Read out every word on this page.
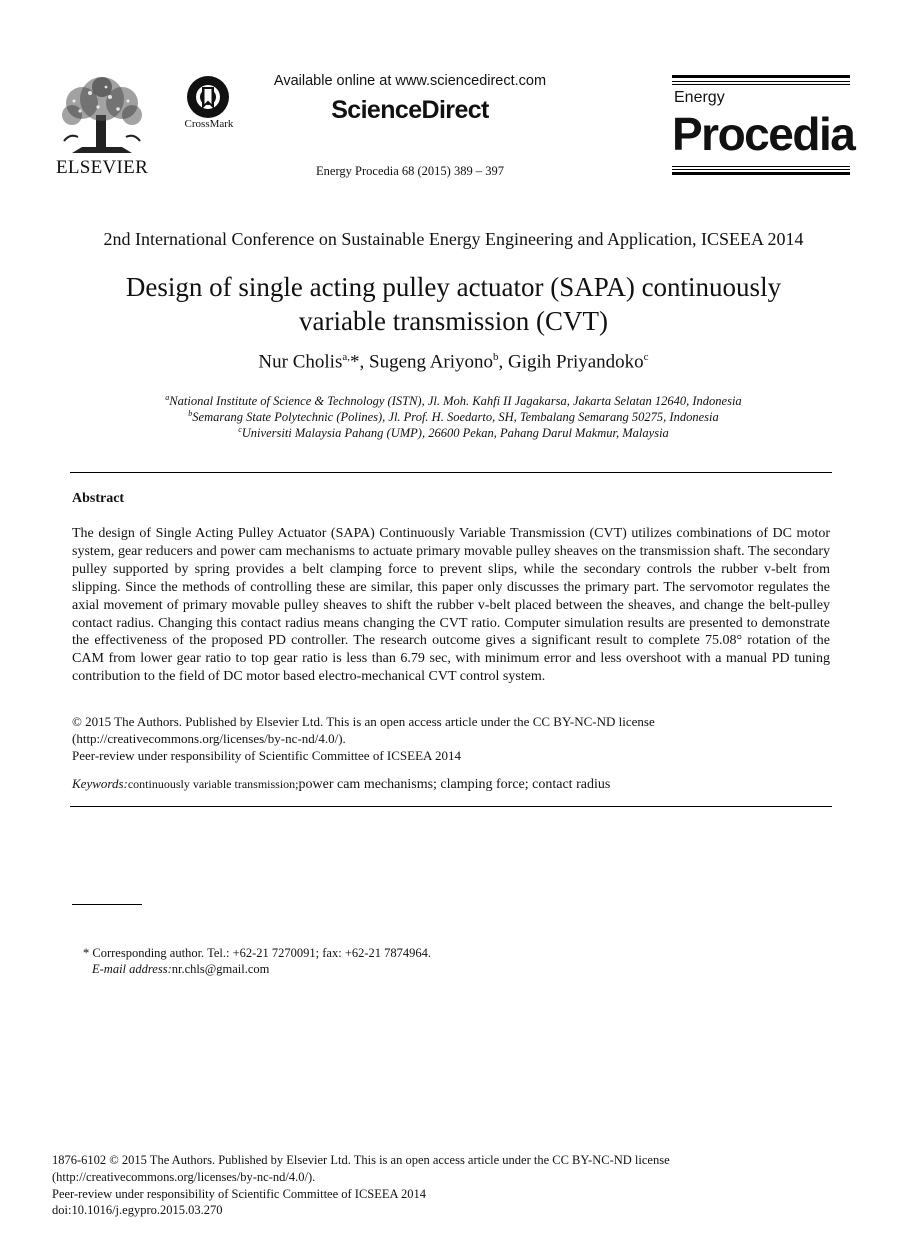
ELSEVIER
CrossMark
Available online at www.sciencedirect.com
ScienceDirect
Energy Procedia 68 (2015) 389 – 397
Energy
Procedia
2nd International Conference on Sustainable Energy Engineering and Application, ICSEEA 2014
Design of single acting pulley actuator (SAPA) continuously variable transmission (CVT)
Nur Cholis$^{a,}$*, Sugeng Ariyono$^b$, Gigih Priyandoko$^c$
$^a$National Institute of Science & Technology (ISTN), Jl. Moh. Kahfi II Jagakarsa, Jakarta Selatan 12640, Indonesia
$^b$Semarang State Polytechnic (Polines), Jl. Prof. H. Soedarto, SH, Tembalang Semarang 50275, Indonesia
$^c$Universiti Malaysia Pahang (UMP), 26600 Pekan, Pahang Darul Makmur, Malaysia
Abstract
The design of Single Acting Pulley Actuator (SAPA) Continuously Variable Transmission (CVT) utilizes combinations of DC motor system, gear reducers and power cam mechanisms to actuate primary movable pulley sheaves on the transmission shaft. The secondary pulley supported by spring provides a belt clamping force to prevent slips, while the secondary controls the rubber v-belt from slipping. Since the methods of controlling these are similar, this paper only discusses the primary part. The servomotor regulates the axial movement of primary movable pulley sheaves to shift the rubber v-belt placed between the sheaves, and change the belt-pulley contact radius. Changing this contact radius means changing the CVT ratio. Computer simulation results are presented to demonstrate the effectiveness of the proposed PD controller. The research outcome gives a significant result to complete 75.08° rotation of the CAM from lower gear ratio to top gear ratio is less than 6.79 sec, with minimum error and less overshoot with a manual PD tuning contribution to the field of DC motor based electro-mechanical CVT control system.
© 2015 The Authors. Published by Elsevier Ltd. This is an open access article under the CC BY-NC-ND license
(http://creativecommons.org/licenses/by-nc-nd/4.0/).
Peer-review under responsibility of Scientific Committee of ICSEEA 2014
Keywords:continuously variable transmission;power cam mechanisms; clamping force; contact radius
* Corresponding author. Tel.: +62-21 7270091; fax: +62-21 7874964.
E-mail address:nr.chls@gmail.com
1876-6102 © 2015 The Authors. Published by Elsevier Ltd. This is an open access article under the CC BY-NC-ND license
(http://creativecommons.org/licenses/by-nc-nd/4.0/).
Peer-review under responsibility of Scientific Committee of ICSEEA 2014
doi:10.1016/j.egypro.2015.03.270
